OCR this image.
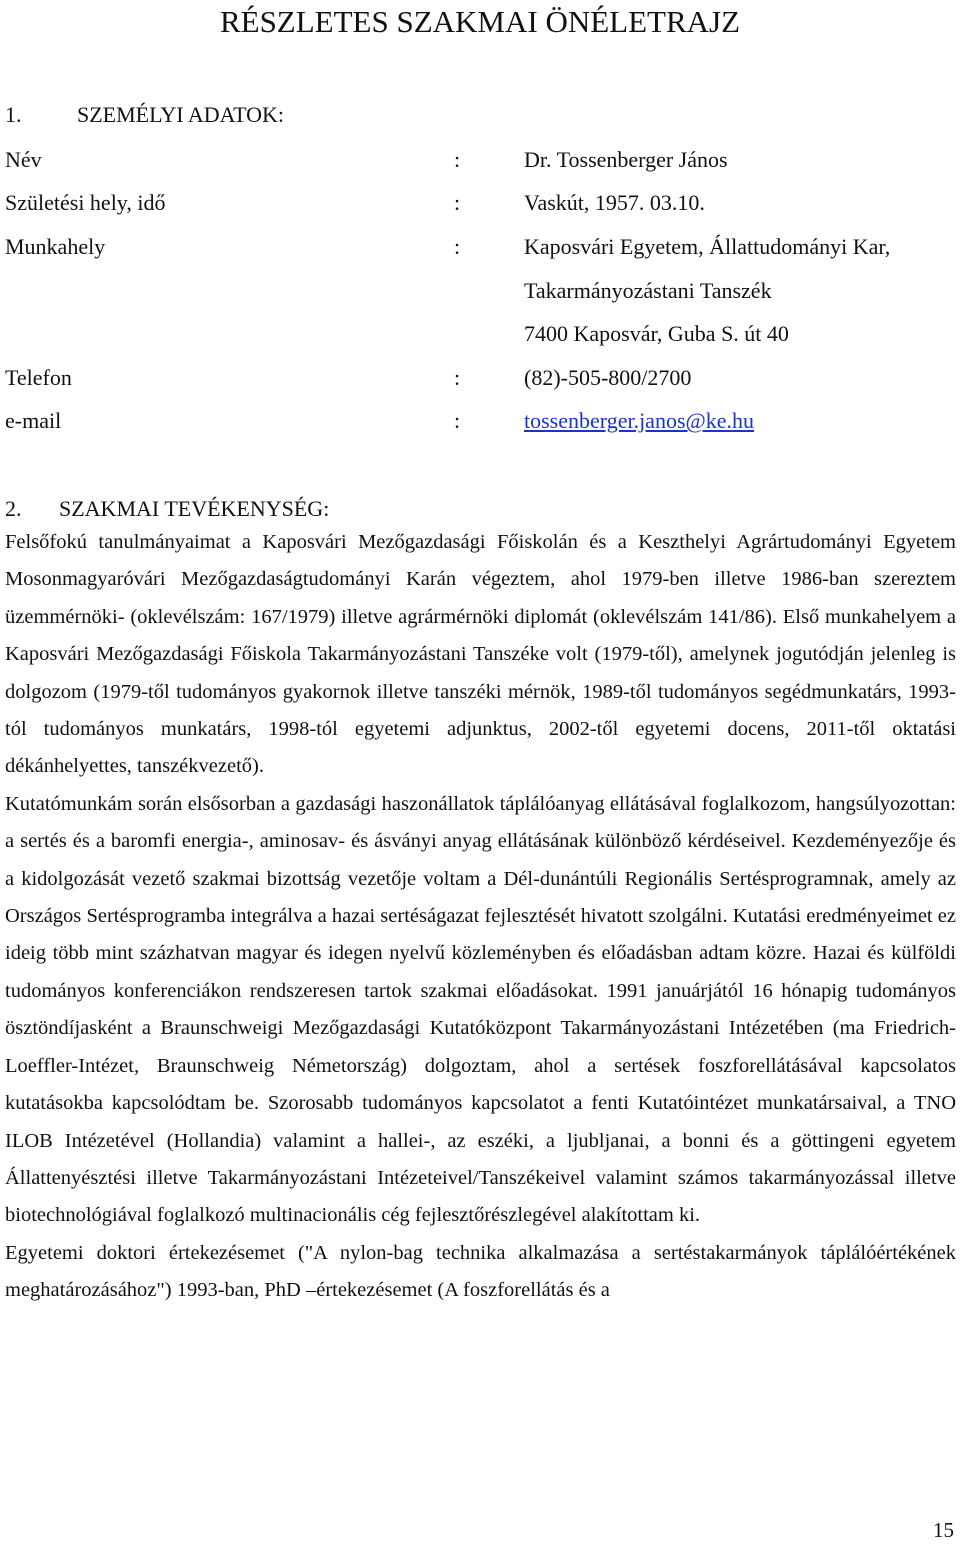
RÉSZLETES SZAKMAI ÖNÉLETRAJZ
1.	SZEMÉLYI ADATOK:
Név	:	Dr. Tossenberger János
Születési hely, idő	:	Vaskút, 1957. 03.10.
Munkahely	:	Kaposvári Egyetem, Állattudományi Kar,
Takarmányozástani Tanszék
7400 Kaposvár, Guba S. út 40
Telefon	:	(82)-505-800/2700
e-mail	:	tossenberger.janos@ke.hu
2. SZAKMAI TEVÉKENYSÉG:

Felsőfokú tanulmányaimat a Kaposvári Mezőgazdasági Főiskolán és a Keszthelyi Agrártudományi Egyetem Mosonmagyaróvári Mezőgazdaságtudományi Karán végeztem, ahol 1979-ben illetve 1986-ban szereztem üzemmérnöki- (oklevélszám: 167/1979) illetve agrármérnöki diplomát (oklevélszám 141/86). Első munkahelyem a Kaposvári Mezőgazdasági Főiskola Takarmányozástani Tanszéke volt (1979-től), amelynek jogutódján jelenleg is dolgozom (1979-től tudományos gyakornok illetve tanszéki mérnök, 1989-től tudományos segédmunkatárs, 1993-tól tudományos munkatárs, 1998-tól egyetemi adjunktus, 2002-től egyetemi docens, 2011-től oktatási dékánhelyettes, tanszékvezető).

Kutatómunkám során elsősorban a gazdasági haszonállatok táplálóanyag ellátásával foglalkozom, hangsúlyozottan: a sertés és a baromfi energia-, aminosav- és ásványi anyag ellátásának különböző kérdéseivel. Kezdeményezője és a kidolgozását vezető szakmai bizottság vezetője voltam a Dél-dunántúli Regionális Sertésprogramnak, amely az Országos Sertésprogramba integrálva a hazai sertéságazat fejlesztését hivatott szolgálni. Kutatási eredményeimet ez ideig több mint százhatvan magyar és idegen nyelvű közleményben és előadásban adtam közre. Hazai és külföldi tudományos konferenciákon rendszeresen tartok szakmai előadásokat. 1991 januárjától 16 hónapig tudományos ösztöndíjasként a Braunschweigi Mezőgazdasági Kutatóközpont Takarmányozástani Intézetében (ma Friedrich-Loeffler-Intézet, Braunschweig Németország) dolgoztam, ahol a sertések foszforellátásával kapcsolatos kutatásokba kapcsolódtam be. Szorosabb tudományos kapcsolatot a fenti Kutatóintézet munkatársaival, a TNO ILOB Intézetével (Hollandia) valamint a hallei-, az eszéki, a ljubljanai, a bonni és a göttingeni egyetem Állattenyésztési illetve Takarmányozástani Intézeteivel/Tanszékeivel valamint számos takarmányozással illetve biotechnológiával foglalkozó multinacionális cég fejlesztőrészlegével alakítottam ki.

Egyetemi doktori értekezésemet ("A nylon-bag technika alkalmazása a sertéstakarmányok táplálóértékének meghatározásához") 1993-ban, PhD –értekezésemet (A foszforellátás és a

15
